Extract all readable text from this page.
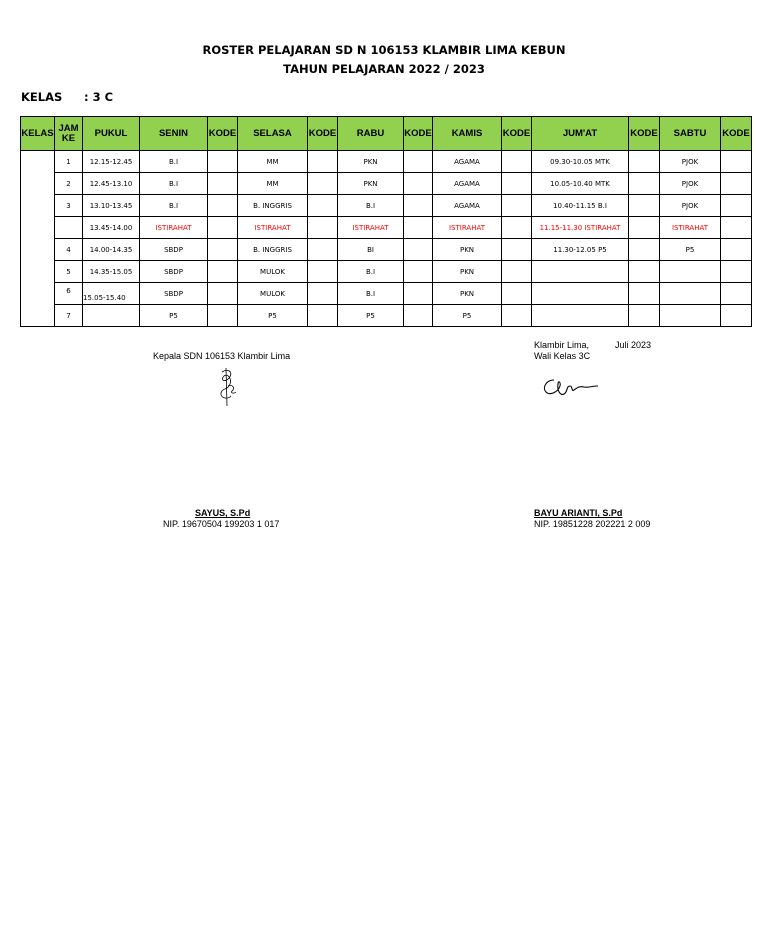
ROSTER PELAJARAN SD N 106153 KLAMBIR LIMA KEBUN
TAHUN PELAJARAN 2022 / 2023
KELAS : 3 C
KELAS	JAM KE	PUKUL	SENIN	KODE	SELASA	KODE	RABU	KODE	KAMIS	KODE	JUM'AT	KODE	SABTU	KODE
	1	12.15-12.45	B.I		MM		PKN		AGAMA		09.30-10.05 MTK		PJOK	
	2	12.45-13.10	B.I		MM		PKN		AGAMA		10.05-10.40 MTK		PJOK	
	3	13.10-13.45	B.I		B. INGGRIS		B.I		AGAMA		10.40-11.15 B.I		PJOK	
		13.45-14.00	ISTIRAHAT		ISTIRAHAT		ISTIRAHAT		ISTIRAHAT		11.15-11.30 ISTIRAHAT		ISTIRAHAT	
	4	14.00-14.35	SBDP		B. INGGRIS		BI		PKN		11.30-12.05 P5		P5	
	5	14.35-15.05	SBDP		MULOK		B.I		PKN					

	6	15.05-15.40	SBDP		MULOK		B.I		PKN					
	7		P5		P5		P5		P5					
Kepala SDN 106153 Klambir Lima
SAYUS, S.Pd
NIP. 19670504 199203 1 017
Klambir Lima,	Juli 2023
Wali Kelas 3C
BAYU ARIANTI, S.Pd
NIP. 19851228 202221 2 009
